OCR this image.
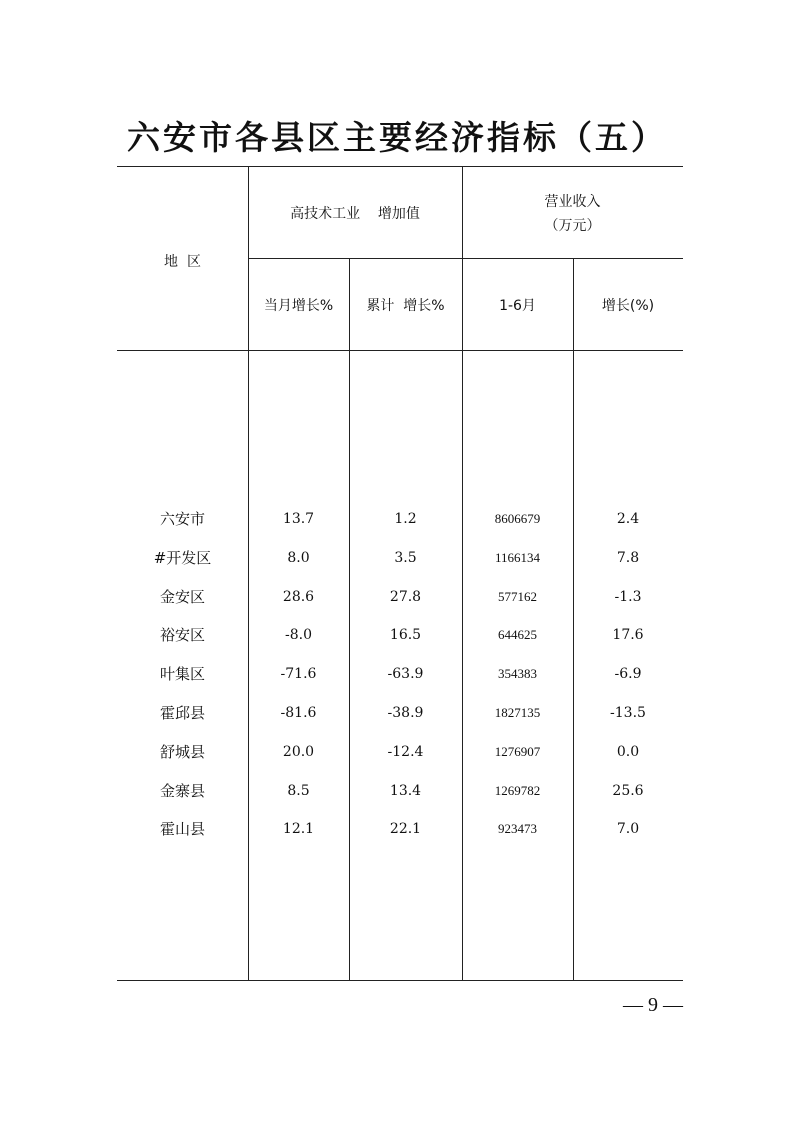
六安市各县区主要经济指标（五）
地  区
高技术工业    增加值
营业收入
（万元）
当月增长%	累计  增长%	1-6月	增长(%)
六安市	13.7	1.2	8606679	2.4
#开发区	8.0	3.5	1166134	7.8
金安区	28.6	27.8	577162	-1.3
裕安区	-8.0	16.5	644625	17.6
叶集区	-71.6	-63.9	354383	-6.9
霍邱县	-81.6	-38.9	1827135	-13.5
舒城县	20.0	-12.4	1276907	0.0
金寨县	8.5	13.4	1269782	25.6
霍山县	12.1	22.1	923473	7.0
— 9 —
